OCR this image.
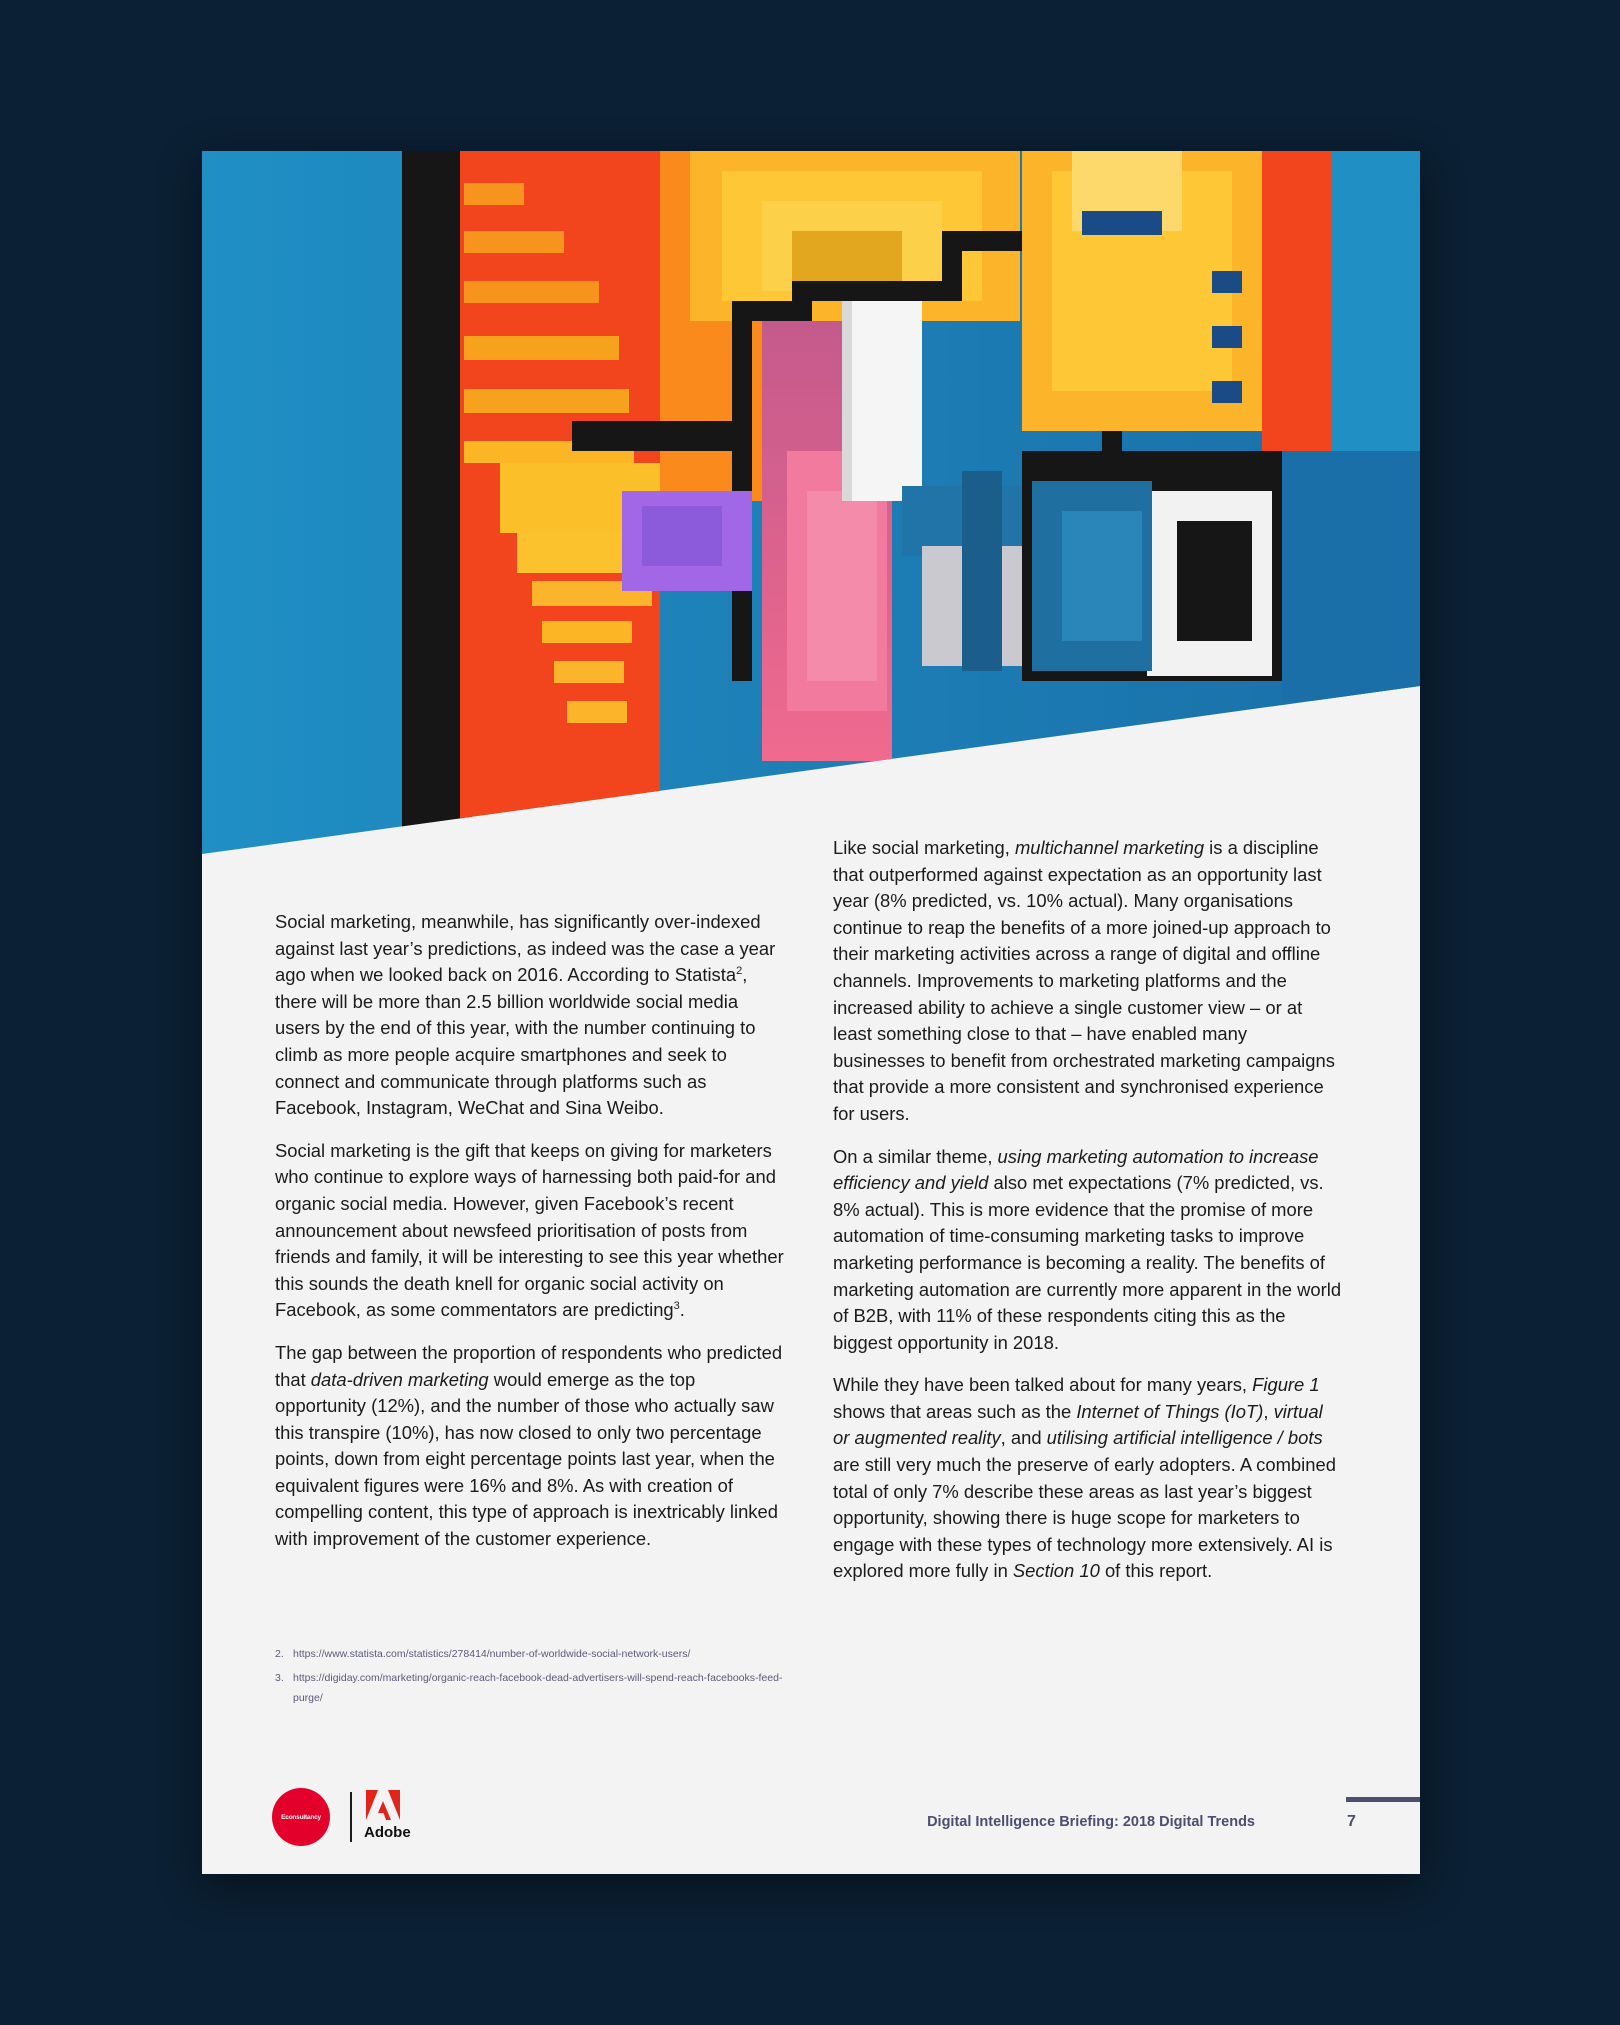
Social marketing, meanwhile, has significantly over-indexed against last year’s predictions, as indeed was the case a year ago when we looked back on 2016. According to Statista$^2$, there will be more than 2.5 billion worldwide social media users by the end of this year, with the number continuing to climb as more people acquire smartphones and seek to connect and communicate through platforms such as Facebook, Instagram, WeChat and Sina Weibo.

Social marketing is the gift that keeps on giving for marketers who continue to explore ways of harnessing both paid-for and organic social media. However, given Facebook’s recent announcement about newsfeed prioritisation of posts from friends and family, it will be interesting to see this year whether this sounds the death knell for organic social activity on Facebook, as some commentators are predicting$^3$.

The gap between the proportion of respondents who predicted that data-driven marketing would emerge as the top opportunity (12%), and the number of those who actually saw this transpire (10%), has now closed to only two percentage points, down from eight percentage points last year, when the equivalent figures were 16% and 8%. As with creation of compelling content, this type of approach is inextricably linked with improvement of the customer experience.

Like social marketing, multichannel marketing is a discipline that outperformed against expectation as an opportunity last year (8% predicted, vs. 10% actual). Many organisations continue to reap the benefits of a more joined-up approach to their marketing activities across a range of digital and offline channels. Improvements to marketing platforms and the increased ability to achieve a single customer view – or at least something close to that – have enabled many businesses to benefit from orchestrated marketing campaigns that provide a more consistent and synchronised experience for users.

On a similar theme, using marketing automation to increase efficiency and yield also met expectations (7% predicted, vs. 8% actual). This is more evidence that the promise of more automation of time-consuming marketing tasks to improve marketing performance is becoming a reality. The benefits of marketing automation are currently more apparent in the world of B2B, with 11% of these respondents citing this as the biggest opportunity in 2018.

While they have been talked about for many years, Figure 1 shows that areas such as the Internet of Things (IoT), virtual or augmented reality, and utilising artificial intelligence / bots are still very much the preserve of early adopters. A combined total of only 7% describe these areas as last year’s biggest opportunity, showing there is huge scope for marketers to engage with these types of technology more extensively. AI is explored more fully in Section 10 of this report.

2. https://www.statista.com/statistics/278414/number-of-worldwide-social-network-users/
3. https://digiday.com/marketing/organic-reach-facebook-dead-advertisers-will-spend-reach-facebooks-feed-purge/
Econsultancy
Adobe
Digital Intelligence Briefing: 2018 Digital Trends	7
